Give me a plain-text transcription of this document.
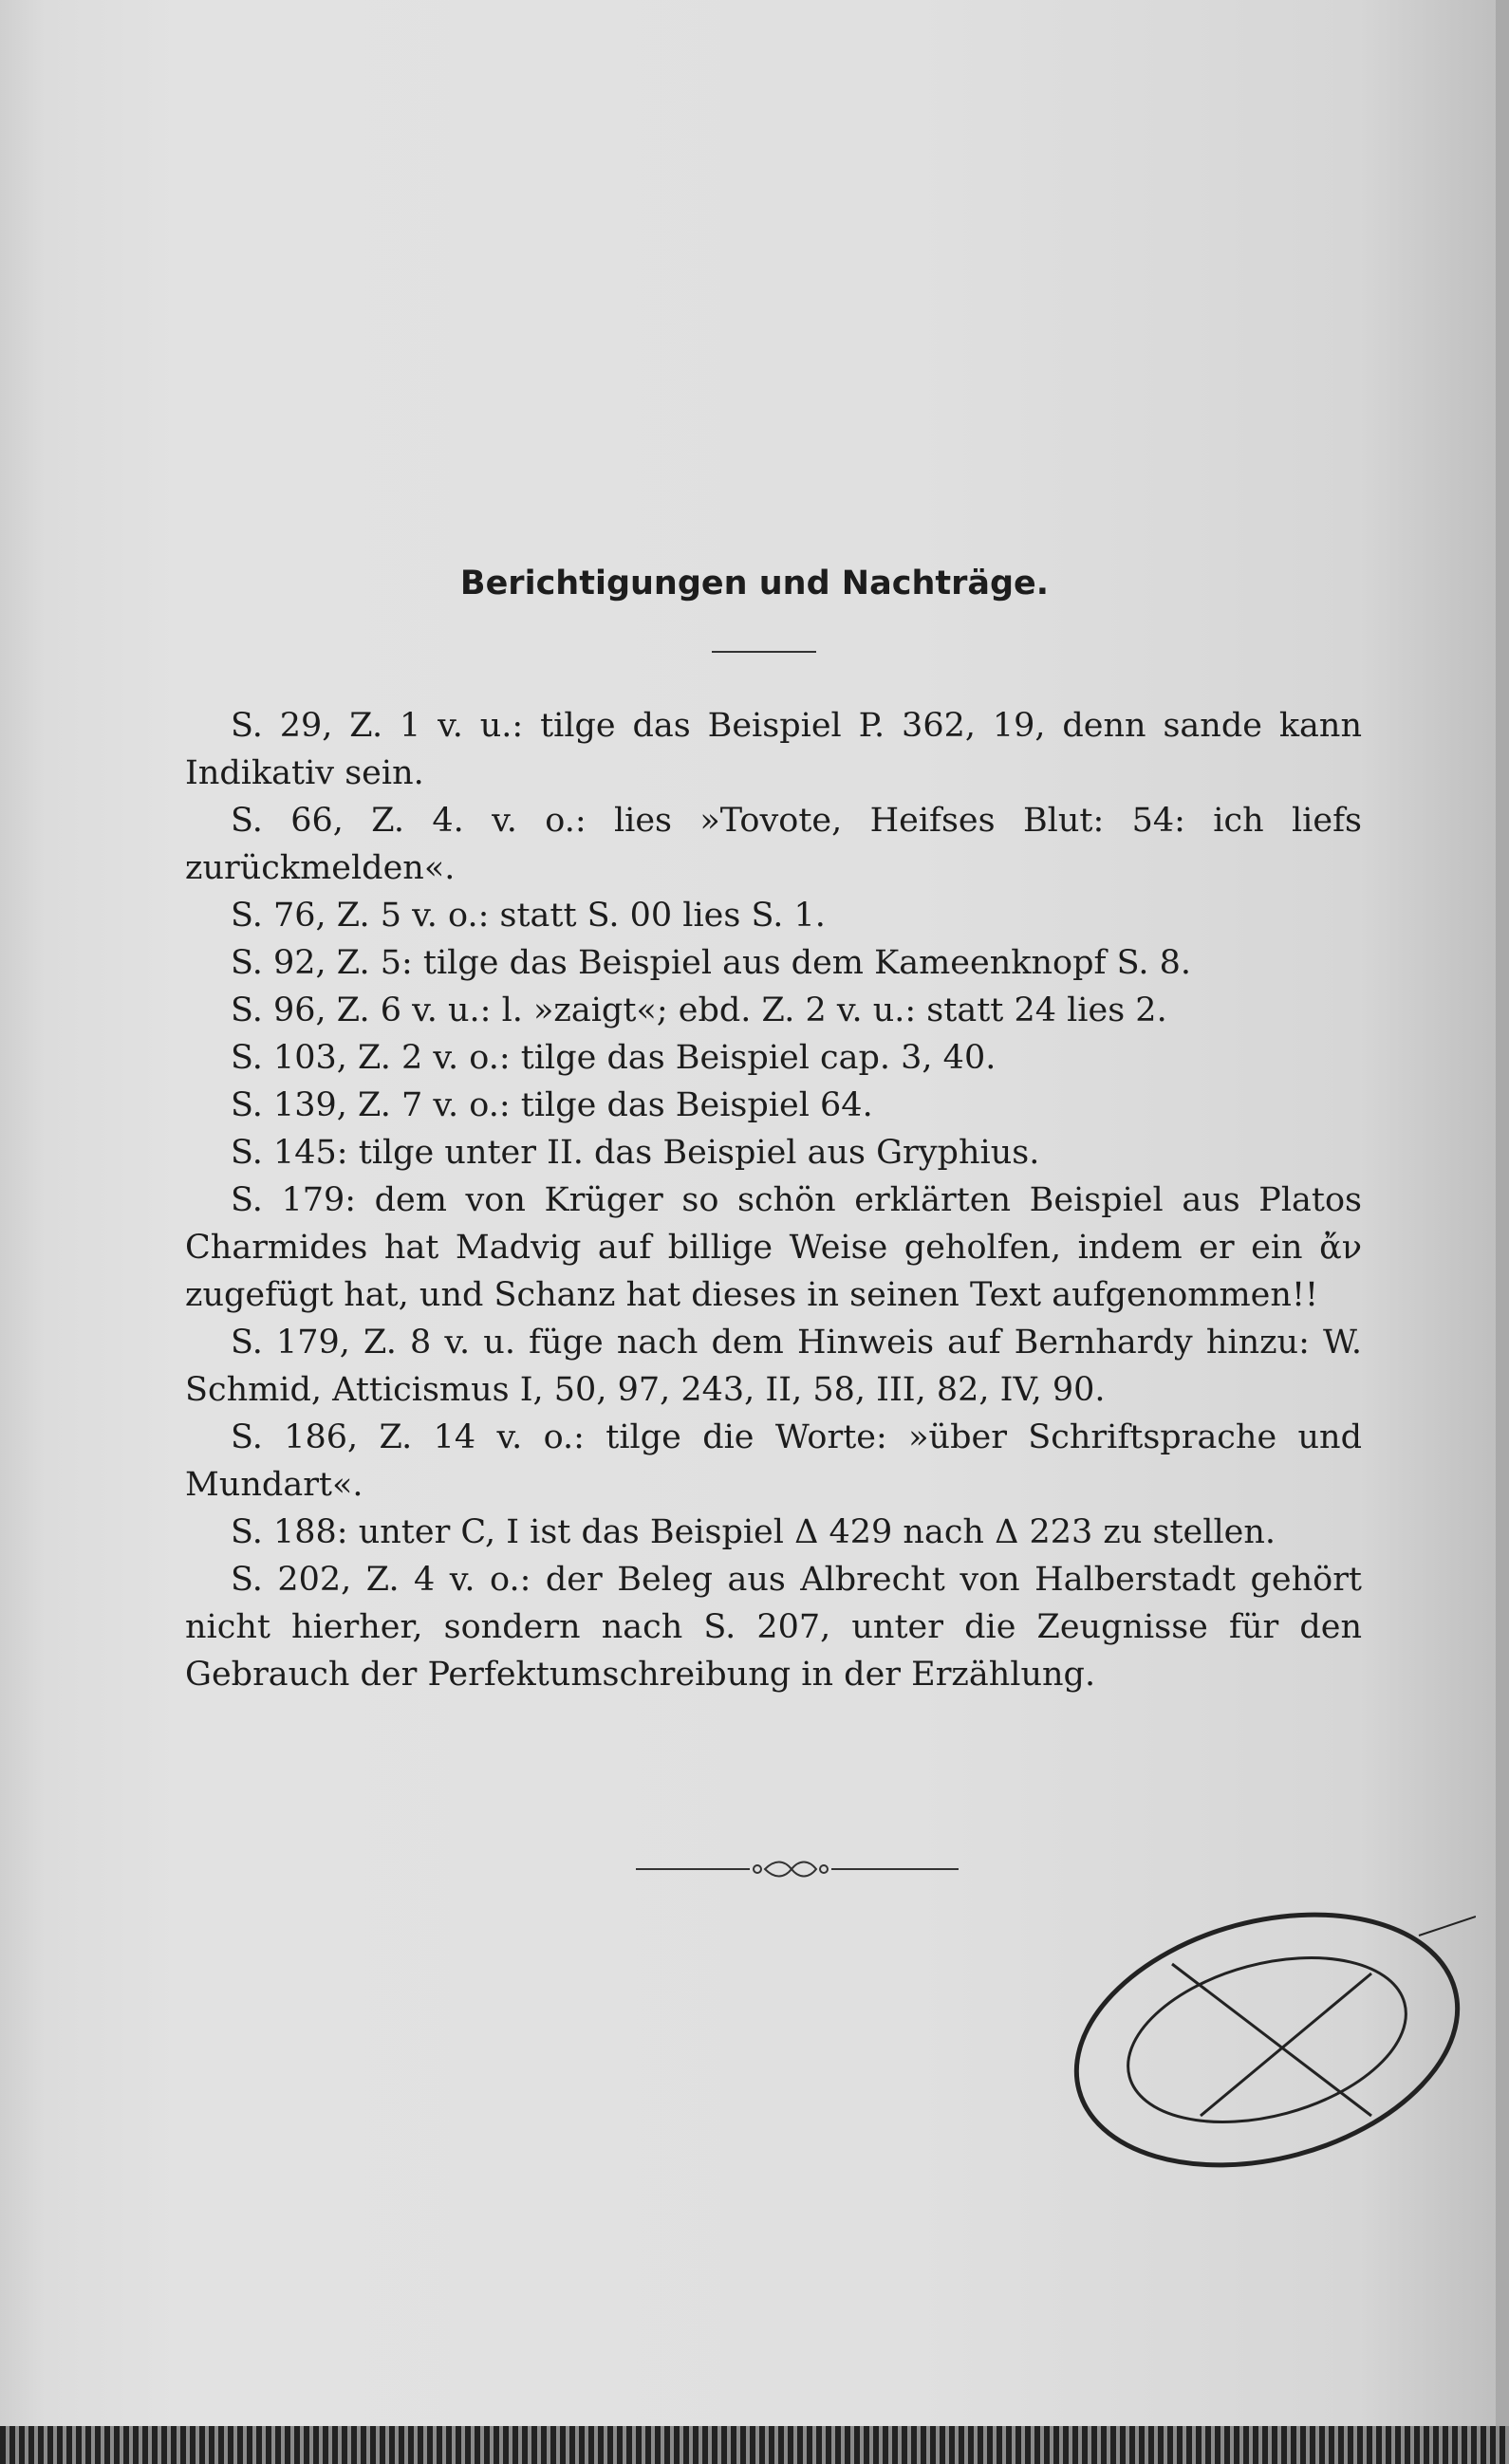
Berichtigungen und Nachträge.

S. 29, Z. 1 v. u.: tilge das Beispiel P. 362, 19, denn sande kann Indikativ sein.

S. 66, Z. 4. v. o.: lies »Tovote, Heifses Blut: 54: ich liefs zurückmelden«.

S. 76, Z. 5 v. o.: statt S. 00 lies S. 1.

S. 92, Z. 5: tilge das Beispiel aus dem Kameenknopf S. 8.

S. 96, Z. 6 v. u.: l. »zaigt«; ebd. Z. 2 v. u.: statt 24 lies 2.

S. 103, Z. 2 v. o.: tilge das Beispiel cap. 3, 40.

S. 139, Z. 7 v. o.: tilge das Beispiel 64.

S. 145: tilge unter II. das Beispiel aus Gryphius.

S. 179: dem von Krüger so schön erklärten Beispiel aus Platos Charmides hat Madvig auf billige Weise geholfen, indem er ein ἄν zugefügt hat, und Schanz hat dieses in seinen Text aufgenommen!!

S. 179, Z. 8 v. u. füge nach dem Hinweis auf Bernhardy hinzu: W. Schmid, Atticismus I, 50, 97, 243, II, 58, III, 82, IV, 90.

S. 186, Z. 14 v. o.: tilge die Worte: »über Schriftsprache und Mundart«.

S. 188: unter C, I ist das Beispiel Δ 429 nach Δ 223 zu stellen.

S. 202, Z. 4 v. o.: der Beleg aus Albrecht von Halberstadt gehört nicht hierher, sondern nach S. 207, unter die Zeugnisse für den Gebrauch der Perfektumschreibung in der Erzählung.
